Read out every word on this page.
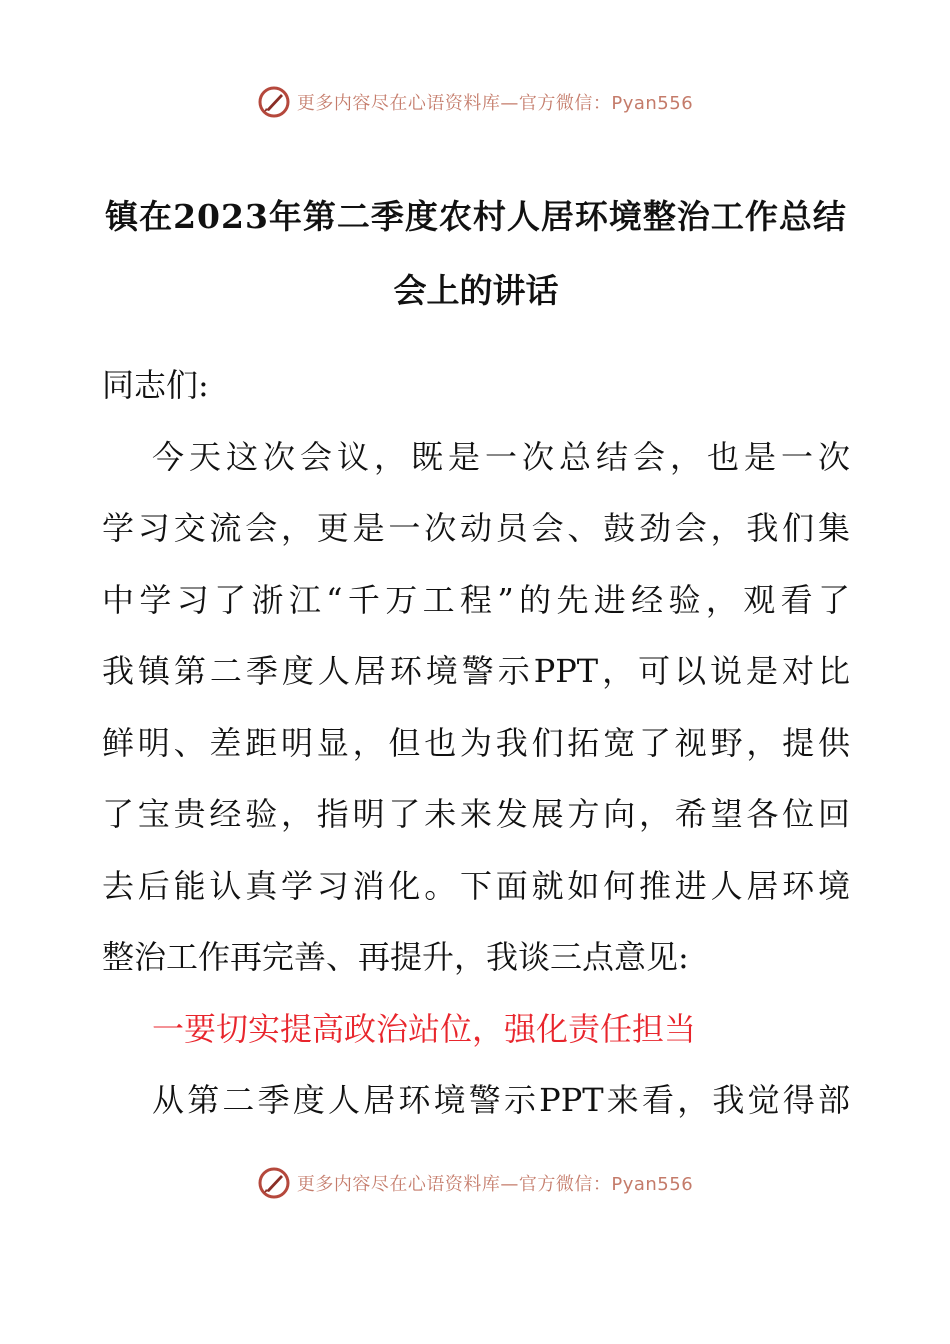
更多内容尽在心语资料库—官方微信：Pyan556
镇在2023年第二季度农村人居环境整治工作总结
会上的讲话
同志们:
今天这次会议，既是一次总结会，也是一次
学习交流会，更是一次动员会、鼓劲会，我们集
中学习了浙江“千万工程”的先进经验，观看了
我镇第二季度人居环境警示PPT，可以说是对比
鲜明、差距明显，但也为我们拓宽了视野，提供
了宝贵经验，指明了未来发展方向，希望各位回
去后能认真学习消化。下面就如何推进人居环境
整治工作再完善、再提升，我谈三点意见:
一要切实提高政治站位，强化责任担当
从第二季度人居环境警示PPT来看，我觉得部
更多内容尽在心语资料库—官方微信：Pyan556
